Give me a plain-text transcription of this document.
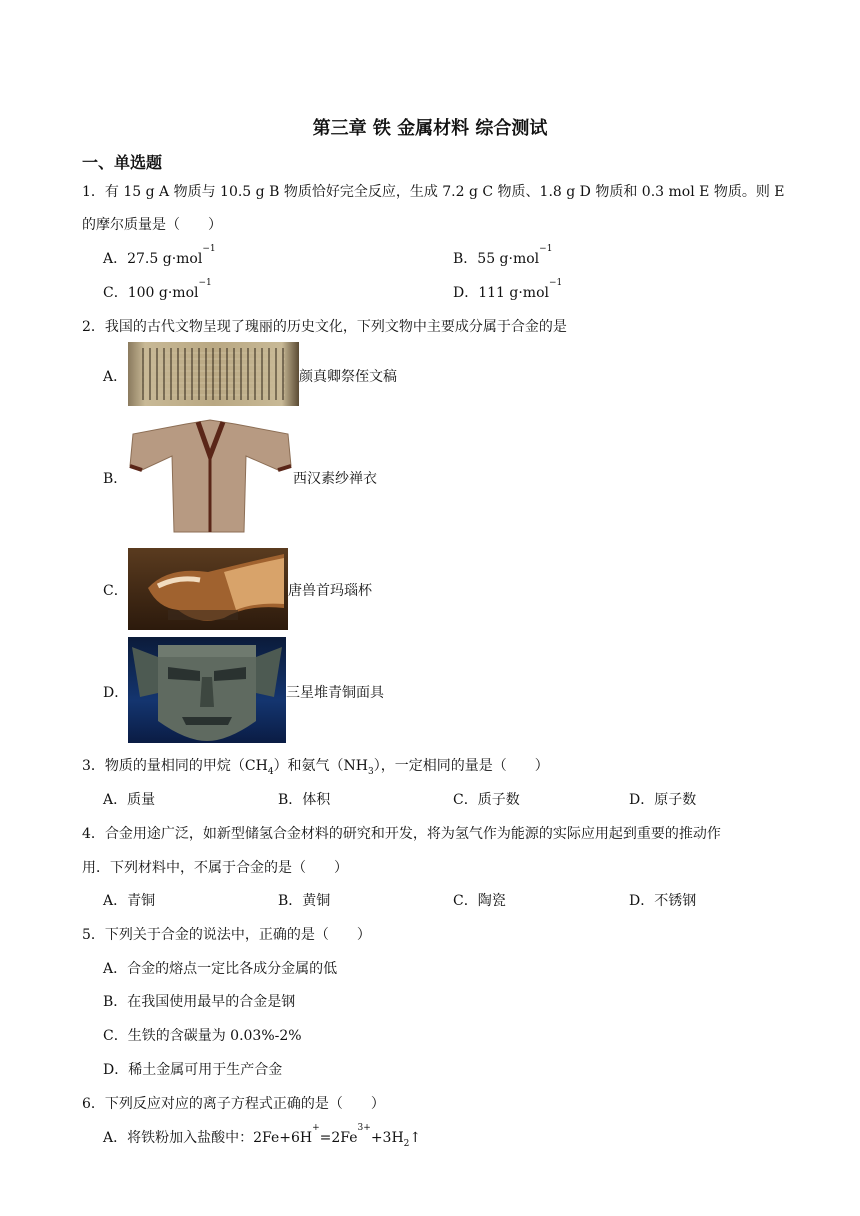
第三章 铁 金属材料 综合测试
一、单选题
1．有 15 g A 物质与 10.5 g B 物质恰好完全反应，生成 7.2 g C 物质、1.8 g D 物质和 0.3 mol E 物质。则 E
的摩尔质量是（　　）
A．27.5 g·mol$^{-1}$
B．55 g·mol$^{-1}$
C．100 g·mol$^{-1}$
D．111 g·mol$^{-1}$
2．我国的古代文物呈现了瑰丽的历史文化，下列文物中主要成分属于合金的是
A．	颜真卿祭侄文稿
B．	西汉素纱禅衣
C．	唐兽首玛瑙杯
D．	三星堆青铜面具
3．物质的量相同的甲烷$(CH_4)$和氨气$(NH_3)$，一定相同的量是（　　）
A．质量	B．体积	C．质子数	D．原子数
4．合金用途广泛，如新型储氢合金材料的研究和开发，将为氢气作为能源的实际应用起到重要的推动作
用．下列材料中，不属于合金的是（　　）
A．青铜	B．黄铜	C．陶瓷	D．不锈钢
5．下列关于合金的说法中，正确的是（　　）
A．合金的熔点一定比各成分金属的低
B．在我国使用最早的合金是钢
C．生铁的含碳量为 0.03%-2%
D．稀土金属可用于生产合金
6．下列反应对应的离子方程式正确的是（　　）
A．将铁粉加入盐酸中：$2Fe+6H^+=2Fe^{3+}+3H_2↑$
